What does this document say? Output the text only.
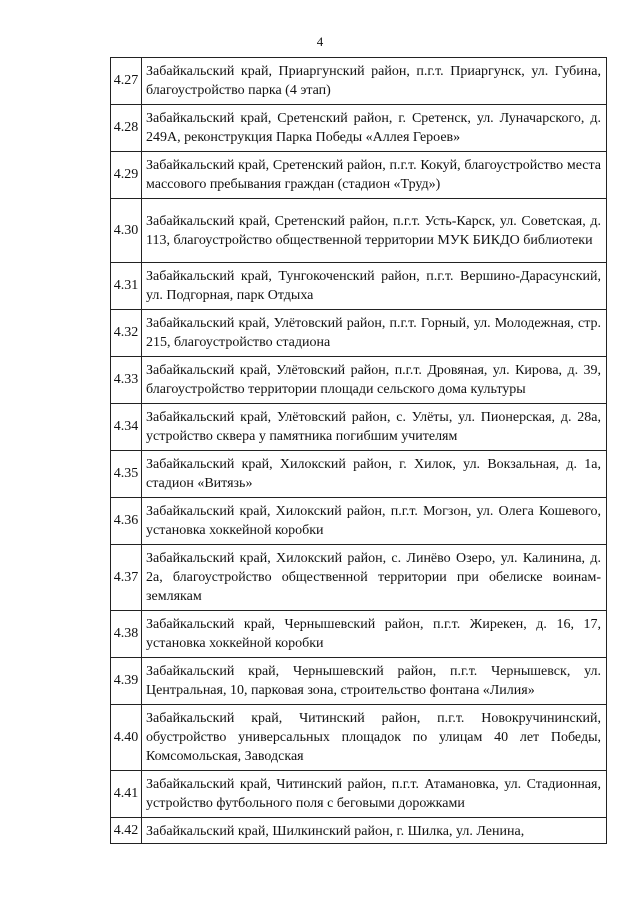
4
4.27	Забайкальский край, Приаргунский район, п.г.т. Приаргунск, ул. Губина, благоустройство парка (4 этап)
4.28	Забайкальский край, Сретенский район, г. Сретенск, ул. Луначарского, д. 249А, реконструкция Парка Победы «Аллея Героев»
4.29	Забайкальский край, Сретенский район, п.г.т. Кокуй, благоустройство места массового пребывания граждан (стадион «Труд»)
4.30	Забайкальский край, Сретенский район, п.г.т. Усть-Карск, ул. Советская, д. 113, благоустройство общественной территории МУК БИКДО библиотеки
4.31	Забайкальский край, Тунгокоченский район, п.г.т. Вершино-Дарасунский, ул. Подгорная, парк Отдыха
4.32	Забайкальский край, Улётовский район, п.г.т. Горный, ул. Молодежная, стр. 215, благоустройство стадиона
4.33	Забайкальский край, Улётовский район, п.г.т. Дровяная, ул. Кирова, д. 39, благоустройство территории площади сельского дома культуры
4.34	Забайкальский край, Улётовский район, с. Улёты, ул. Пионерская, д. 28а, устройство сквера у памятника погибшим учителям
4.35	Забайкальский край, Хилокский район, г. Хилок, ул. Вокзальная, д. 1а, стадион «Витязь»
4.36	Забайкальский край, Хилокский район, п.г.т. Могзон, ул. Олега Кошевого, установка хоккейной коробки
4.37	Забайкальский край, Хилокский район, с. Линёво Озеро, ул. Калинина, д. 2а, благоустройство общественной территории при обелиске воинам-землякам
4.38	Забайкальский край, Чернышевский район, п.г.т. Жирекен, д. 16, 17, установка хоккейной коробки
4.39	Забайкальский край, Чернышевский район, п.г.т. Чернышевск, ул. Центральная, 10, парковая зона, строительство фонтана «Лилия»
4.40	Забайкальский край, Читинский район, п.г.т. Новокручининский, обустройство универсальных площадок по улицам 40 лет Победы, Комсомольская, Заводская
4.41	Забайкальский край, Читинский район, п.г.т. Атамановка, ул. Стадионная, устройство футбольного поля с беговыми дорожками
4.42	Забайкальский край, Шилкинский район, г. Шилка, ул. Ленина,
